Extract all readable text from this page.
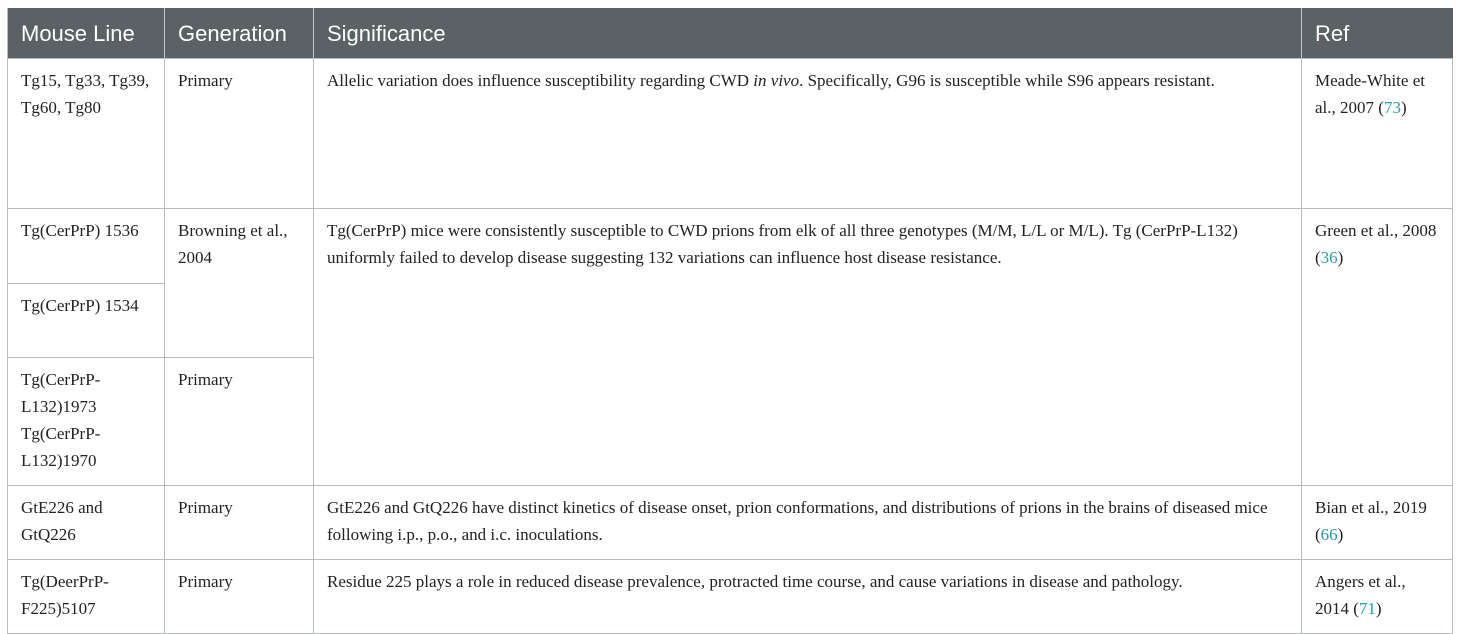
Mouse Line	Generation	Significance	Ref
Tg15, Tg33, Tg39, Tg60, Tg80	Primary	Allelic variation does influence susceptibility regarding CWD in vivo. Specifically, G96 is susceptible while S96 appears resistant.	Meade-White et al., 2007 (73)
Tg(CerPrP) 1536	Browning et al., 2004	Tg(CerPrP) mice were consistently susceptible to CWD prions from elk of all three genotypes (M/M, L/L or M/L). Tg (CerPrP-L132) uniformly failed to develop disease suggesting 132 variations can influence host disease resistance.	Green et al., 2008 (36)
Tg(CerPrP) 1534			
Tg(CerPrP-L132)1973 Tg(CerPrP-L132)1970	Primary		
GtE226 and GtQ226	Primary	GtE226 and GtQ226 have distinct kinetics of disease onset, prion conformations, and distributions of prions in the brains of diseased mice following i.p., p.o., and i.c. inoculations.	Bian et al., 2019 (66)
Tg(DeerPrP-F225)5107	Primary	Residue 225 plays a role in reduced disease prevalence, protracted time course, and cause variations in disease and pathology.	Angers et al., 2014 (71)
